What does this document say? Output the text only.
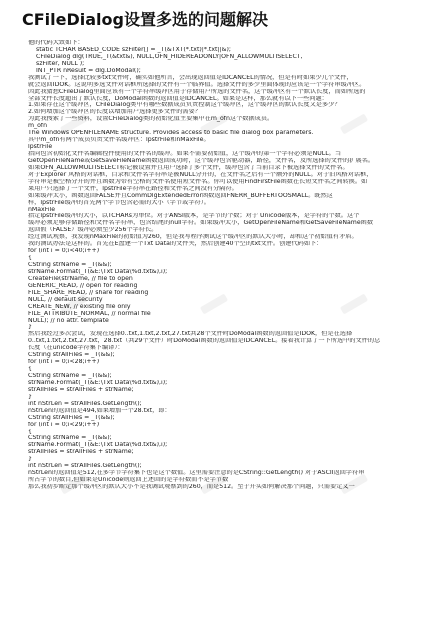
CFileDialog设置多选的问题解决
他的代码大致如下：
static TCHAR BASED_CODE szFilter[] = _T(&TXT(*.txt)|*.txt||&);
CFileDialog dlg(TRUE,_T(&txt&), NULL,OFN_HIDEREADONLY|OFN_ALLOWMULTISELECT,
szFilter, NULL );
INT_PTR nResult = dlg.DoModal();
我测试了一下，选择比较多txt文件时，确实如他所言，会出现返回值是IDCANCEL的情况，但是有时如果少几个文件，
就会返回IDOK。这说明多选文件对话框所选择的文件有一个临界值。选择文件的多少里面体现的应该是一个字符串缓冲区。
因此我猜想CFileDialog里面应该有一个字符串缓冲区用于存储用户所选的文件名，这个缓冲区有一个默认长度，而如所选的
全部文件长度超出了默认长度，DoModal函数的返回值是IDCANCEL。如果是这样，那么就有以下一些问题：
1.如果存在这个缓冲区，CFileDialog类中有哪些数据成员负责控制这个缓冲区，这个缓冲区的默认长度又是多少？
2.如何增加这个缓冲区的长度以增加用户选择更多文件的需要？
为此我搜索了一些资料，设置CFileDialog类的初始化值主要集中在m_ofn这个数据成员。
m_ofn
The Windows OPENFILENAME structure. Provides access to basic file dialog box parameters.
其中m_ofn有两个成员负责文件名缓冲区：lpstrFile和nMaxFile。
lpstrFile
指向包含初始化文件名编辑控件使用的文件名的缓冲。如果不需要初始值，这个缓冲的第一个字符必须是NULL。当
GetOpenFileName或GetSaveFileName函数返回成功时，这个缓冲包含驱动器，路径，文件名，及所选择的文件的扩展名。
如果OFN_ALLOWMULTISELECT标记被设置并且用户选择了多个文件，缓冲包含了当前目录下被选择文件的文件名。
对于Explorer 风格的对话框，目录和文件名字符串是被NULL分开的，在文件名之后有一个额外的NULL。对于旧风格对话框，
字符串是被空格分开的并且函数为带有空格的文件名使用短文件名。你可以使用FindFirstFile函数在长短文件名之间转换。如
果用户只选择了一个文件，lpstrFile字符串在路径和文件名之间没有分隔符。
如果缓冲太小，函数返回FALSE并且CommDlgExtendedError函数返回FNERR_BUFFERTOOSMALL。既然这
样，lpstrFile缓冲的首先两个字节包含必需的大小（字节或字符）。
nMaxFile
指定lpstrFile缓冲的大小，以TCHARs为单位。对于ANSI版本，是字节的个数；对于 Unicode版本，是字符的个数。这个
缓冲必须足够存储路径和文件名字符串，包含结尾的null字符。如果缓冲太小，GetOpenFileName和GetSaveFileName函数
返回假（FALSE）缓冲必须至少256个字符长。
经过测试观察，我发现nMaxFile的初始值为260，但是我写程序测试这个缓冲区的默认大小时，却和这个初始值有矛盾。
我的测试办法是这样的。首先在E盘建一个Txt Data的文件夹，然后创建40个空的txt文件。创建代码如下：
for (int i = 0;i<40;i++)
{
CString strName = _T(&&);
strName.Format(_T(&E:\Txt Data\%d.txt&),i);
CreateFile(strName, // file to open
GENERIC_READ, // open for reading
FILE_SHARE_READ, // share for reading
NULL, // default security
CREATE_NEW, // existing file only
FILE_ATTRIBUTE_NORMAL, // normal file
NULL); // no attr. template
}
然后我经过多次尝试，发现在选择0..txt,1.txt,2.txt,27.txt共28个文件时DoModal函数的返回值是IDOK，但是在选择
0..txt,1.txt,2.txt,27.txt，28.txt（共29个文件）时DoModal函数的返回值是IDCANCEL。接着我计算了一下所选中的文件的总
长度（在unicode字符集下编译）：
CString strAllFiles = _T(&&);
for (int i = 0;i<28;i++)
{
CString strName = _T(&&);
strName.Format(_T(&E:\Txt Data\%d.txt&),i);
strAllFiles = strAllFiles + strName;
}
int nStrLen = strAllFiles.GetLength();
nStrLen的返回值是494,如果增加一个28.txt，即：
CString strAllFiles = _T(&&);
for (int i = 0;i<29;i++)
{
CString strName = _T(&&);
strName.Format(_T(&E:\Txt Data\%d.txt&),i);
strAllFiles = strAllFiles + strName;
}
int nStrLen = strAllFiles.GetLength();
nStrLen的返回值是512,在多字节字符集下也是这个数值。这里需要注意的是CString::GetLength() 对于ASCII返回字符串
所占字节的数目,但如果是Unicode则返回上述回的是字符数而不是字节数
那么我初步断定那个缓冲区的默认大小不是我调试观察到的260，而是512。至于开头如何解决那个问题，只需要定义一
